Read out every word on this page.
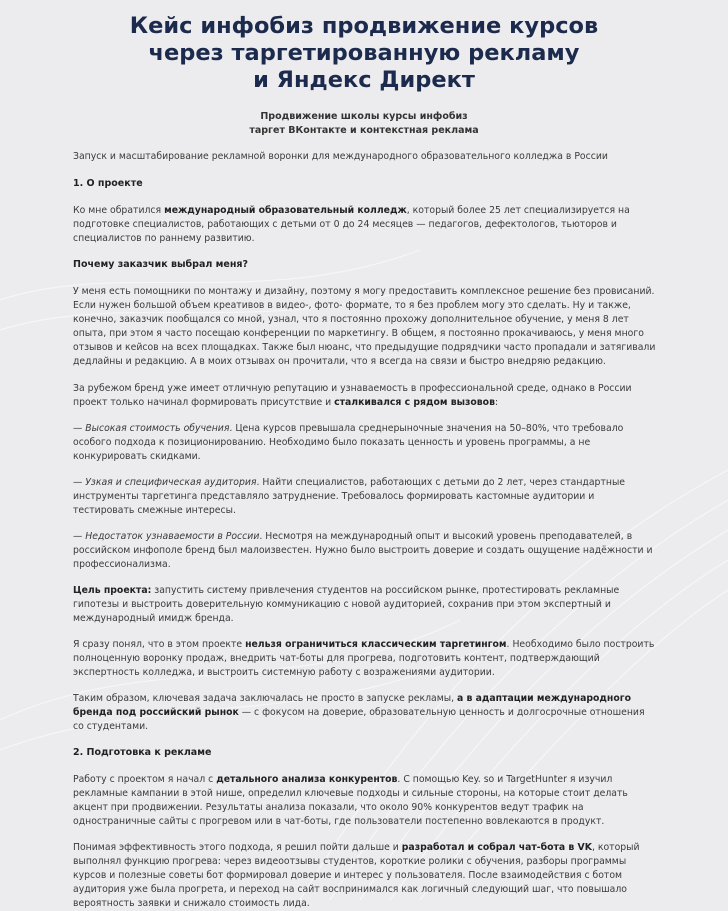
Кейс инфобиз продвижение курсов
через таргетированную рекламу
и Яндекс Директ

Продвижение школы курсы инфобиз
таргет ВКонтакте и контекстная реклама

Запуск и масштабирование рекламной воронки для международного образовательного колледжа в России

1. О проекте

Ко мне обратился международный образовательный колледж, который более 25 лет специализируется на подготовке специалистов, работающих с детьми от 0 до 24 месяцев — педагогов, дефектологов, тьюторов и специалистов по раннему развитию.

Почему заказчик выбрал меня?

У меня есть помощники по монтажу и дизайну, поэтому я могу предоставить комплексное решение без провисаний. Если нужен большой объем креативов в видео-, фото- формате, то я без проблем могу это сделать. Ну и также, конечно, заказчик пообщался со мной, узнал, что я постоянно прохожу дополнительное обучение, у меня 8 лет опыта, при этом я часто посещаю конференции по маркетингу. В общем, я постоянно прокачиваюсь, у меня много отзывов и кейсов на всех площадках. Также был нюанс, что предыдущие подрядчики часто пропадали и затягивали дедлайны и редакцию. А в моих отзывах он прочитали, что я всегда на связи и быстро внедряю редакцию.

За рубежом бренд уже имеет отличную репутацию и узнаваемость в профессиональной среде, однако в России проект только начинал формировать присутствие и сталкивался с рядом вызовов:

— Высокая стоимость обучения. Цена курсов превышала среднерыночные значения на 50–80%, что требовало особого подхода к позиционированию. Необходимо было показать ценность и уровень программы, а не конкурировать скидками.

— Узкая и специфическая аудитория. Найти специалистов, работающих с детьми до 2 лет, через стандартные инструменты таргетинга представляло затруднение. Требовалось формировать кастомные аудитории и тестировать смежные интересы.

— Недостаток узнаваемости в России. Несмотря на международный опыт и высокий уровень преподавателей, в российском инфополе бренд был малоизвестен. Нужно было выстроить доверие и создать ощущение надёжности и профессионализма.

Цель проекта: запустить систему привлечения студентов на российском рынке, протестировать рекламные гипотезы и выстроить доверительную коммуникацию с новой аудиторией, сохранив при этом экспертный и международный имидж бренда.

Я сразу понял, что в этом проекте нельзя ограничиться классическим таргетингом. Необходимо было построить полноценную воронку продаж, внедрить чат-боты для прогрева, подготовить контент, подтверждающий экспертность колледжа, и выстроить системную работу с возражениями аудитории.

Таким образом, ключевая задача заключалась не просто в запуске рекламы, а в адаптации международного бренда под российский рынок — с фокусом на доверие, образовательную ценность и долгосрочные отношения со студентами.

2. Подготовка к рекламе

Работу с проектом я начал с детального анализа конкурентов. С помощью Key. so и TargetHunter я изучил рекламные кампании в этой нише, определил ключевые подходы и сильные стороны, на которые стоит делать акцент при продвижении. Результаты анализа показали, что около 90% конкурентов ведут трафик на одностраничные сайты с прогревом или в чат-боты, где пользователи постепенно вовлекаются в продукт.

Понимая эффективность этого подхода, я решил пойти дальше и разработал и собрал чат-бота в VK, который выполнял функцию прогрева: через видеоотзывы студентов, короткие ролики с обучения, разборы программы курсов и полезные советы бот формировал доверие и интерес у пользователя. После взаимодействия с ботом аудитория уже была прогрета, и переход на сайт воспринимался как логичный следующий шаг, что повышало вероятность заявки и снижало стоимость лида.
